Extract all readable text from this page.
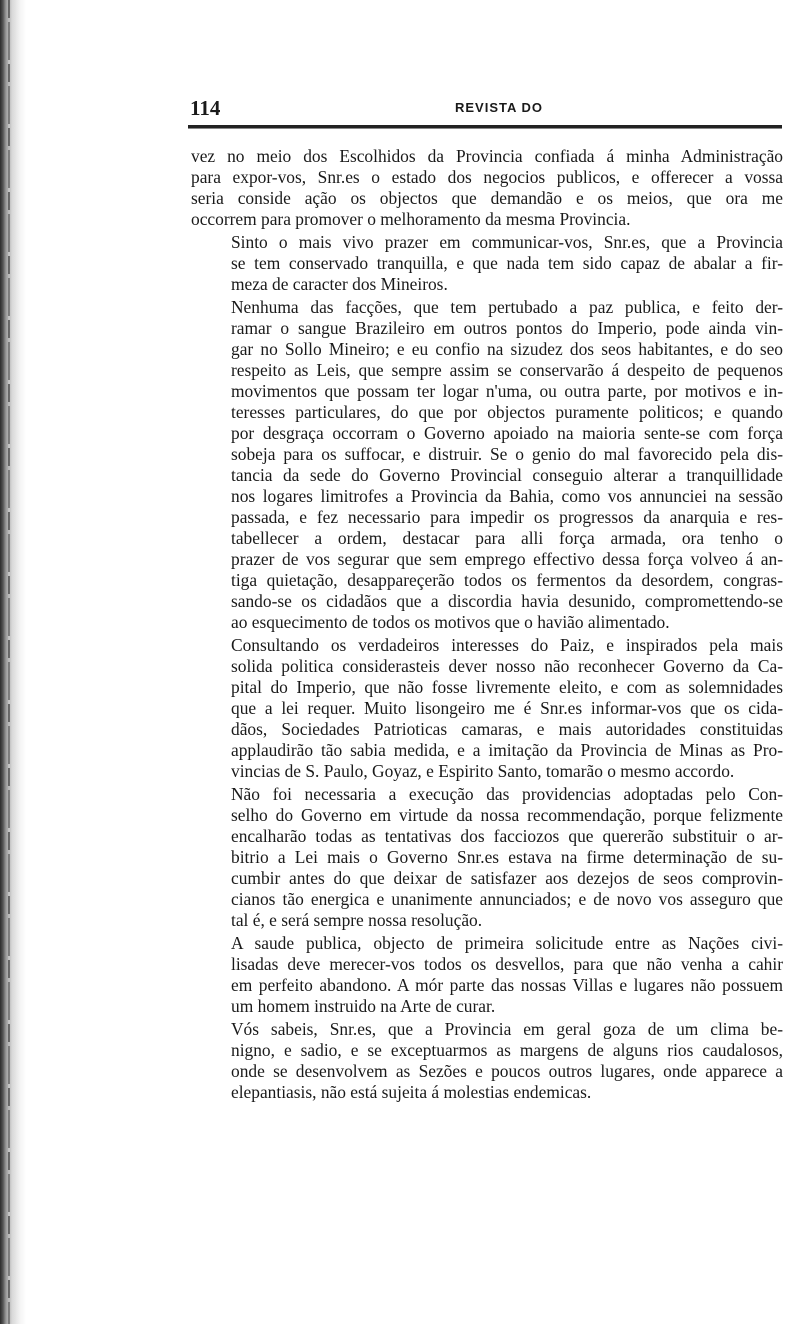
114	REVISTA DO
vez no meio dos Escolhidos da Provincia confiada á minha Administração
para expor-vos, Snr.es o estado dos negocios publicos, e offerecer a vossa
seria conside ação os objectos que demandão e os meios, que ora me
occorrem para promover o melhoramento da mesma Provincia.
Sinto o mais vivo prazer em communicar-vos, Snr.es, que a Provincia
se tem conservado tranquilla, e que nada tem sido capaz de abalar a fir-
meza de caracter dos Mineiros.
Nenhuma das facções, que tem pertubado a paz publica, e feito der-
ramar o sangue Brazileiro em outros pontos do Imperio, pode ainda vin-
gar no Sollo Mineiro; e eu confio na sizudez dos seos habitantes, e do seo
respeito as Leis, que sempre assim se conservarão á despeito de pequenos
movimentos que possam ter logar n'uma, ou outra parte, por motivos e in-
teresses particulares, do que por objectos puramente politicos; e quando
por desgraça occorram o Governo apoiado na maioria sente-se com força
sobeja para os suffocar, e distruir. Se o genio do mal favorecido pela dis-
tancia da sede do Governo Provincial conseguio alterar a tranquillidade
nos logares limitrofes a Provincia da Bahia, como vos annunciei na sessão
passada, e fez necessario para impedir os progressos da anarquia e res-
tabellecer a ordem, destacar para alli força armada, ora tenho o
prazer de vos segurar que sem emprego effectivo dessa força volveo á an-
tiga quietação, desappareçerão todos os fermentos da desordem, congras-
sando-se os cidadãos que a discordia havia desunido, compromettendo-se
ao esquecimento de todos os motivos que o havião alimentado.
Consultando os verdadeiros interesses do Paiz, e inspirados pela mais
solida politica considerasteis dever nosso não reconhecer Governo da Ca-
pital do Imperio, que não fosse livremente eleito, e com as solemnidades
que a lei requer. Muito lisongeiro me é Snr.es informar-vos que os cida-
dãos, Sociedades Patrioticas camaras, e mais autoridades constituidas
applaudirão tão sabia medida, e a imitação da Provincia de Minas as Pro-
vincias de S. Paulo, Goyaz, e Espirito Santo, tomarão o mesmo accordo.
Não foi necessaria a execução das providencias adoptadas pelo Con-
selho do Governo em virtude da nossa recommendação, porque felizmente
encalharão todas as tentativas dos facciozos que quererão substituir o ar-
bitrio a Lei mais o Governo Snr.es estava na firme determinação de su-
cumbir antes do que deixar de satisfazer aos dezejos de seos comprovin-
cianos tão energica e unanimente annunciados; e de novo vos asseguro que
tal é, e será sempre nossa resolução.
A saude publica, objecto de primeira solicitude entre as Nações civi-
lisadas deve merecer-vos todos os desvellos, para que não venha a cahir
em perfeito abandono. A mór parte das nossas Villas e lugares não possuem
um homem instruido na Arte de curar.
Vós sabeis, Snr.es, que a Provincia em geral goza de um clima be-
nigno, e sadio, e se exceptuarmos as margens de alguns rios caudalosos,
onde se desenvolvem as Sezões e poucos outros lugares, onde apparece a
elepantiasis, não está sujeita á molestias endemicas.
